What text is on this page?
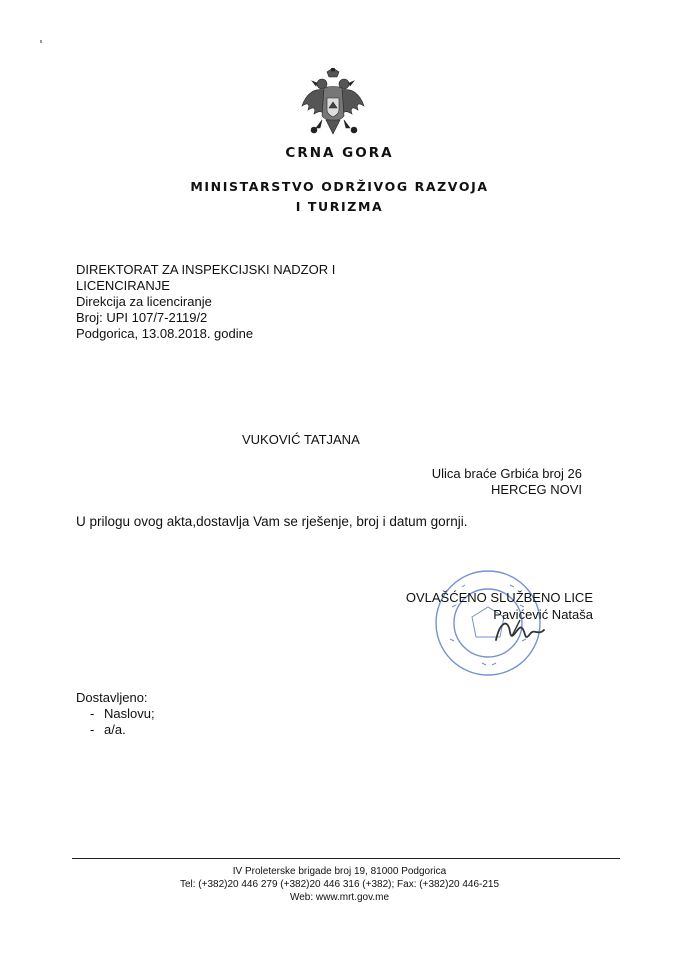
CRNA GORA
MINISTARSTVO ODRŽIVOG RAZVOJA
I TURIZMA
DIREKTORAT ZA INSPEKCIJSKI NADZOR I
LICENCIRANJE
Direkcija za licenciranje
Broj: UPI 107/7-2119/2
Podgorica, 13.08.2018. godine
VUKOVIĆ TATJANA
Ulica braće Grbića broj 26
HERCEG NOVI
U prilogu ovog akta,dostavlja Vam se rješenje, broj i datum gornji.
OVLAŠĆENO SLUŽBENO LICE
Pavićević Nataša
Dostavljeno:
- Naslovu;
- a/a.
IV Proleterske brigade broj 19, 81000 Podgorica
Tel: (+382)20 446 279 (+382)20 446 316 (+382); Fax: (+382)20 446-215
Web: www.mrt.gov.me
